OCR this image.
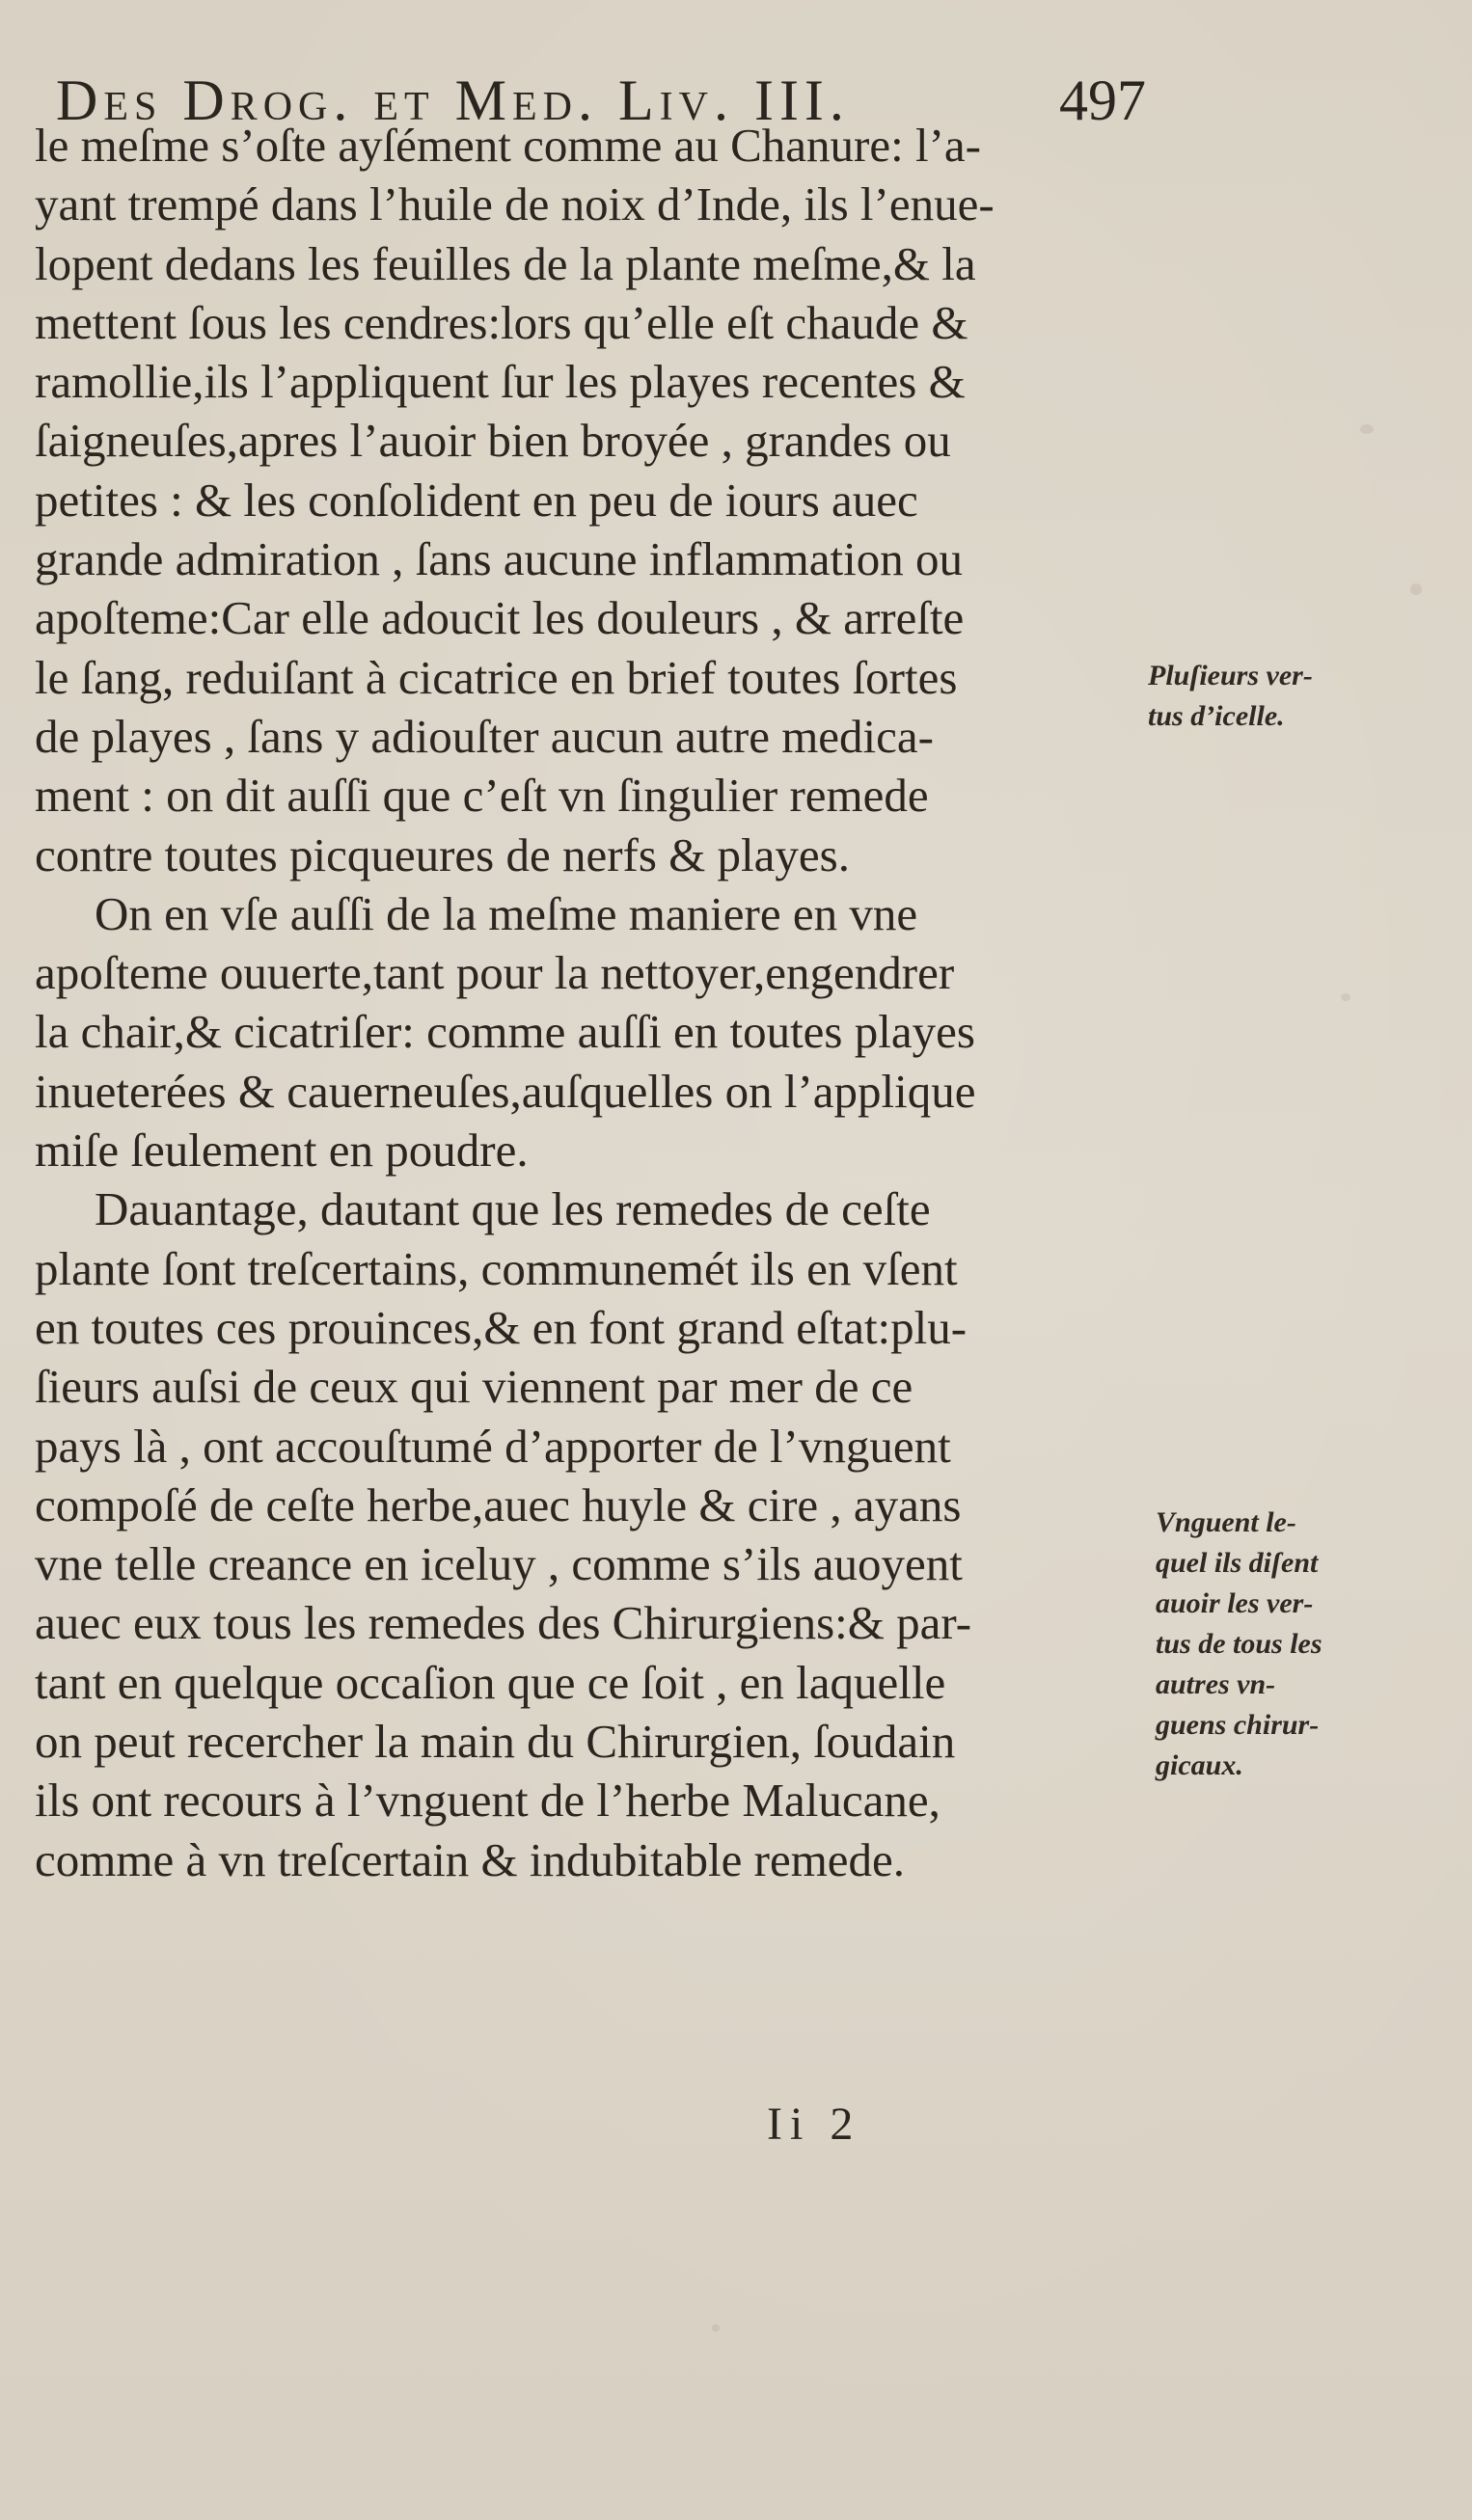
Des Drog. et Med. Liv. III.	497
le meſme s’oſte ayſément comme au Chanure: l’a-
yant trempé dans l’huile de noix d’Inde, ils l’enue-
lopent dedans les feuilles de la plante meſme,& la
mettent ſous les cendres:lors qu’elle eſt chaude &
ramollie,ils l’appliquent ſur les playes recentes &
ſaigneuſes,apres l’auoir bien broyée , grandes ou
petites : & les conſolident en peu de iours auec
grande admiration , ſans aucune inflammation ou
apoſteme:Car elle adoucit les douleurs , & arreſte
le ſang, reduiſant à cicatrice en brief toutes ſortes
de playes , ſans y adiouſter aucun autre medica-
ment : on dit auſſi que c’eſt vn ſingulier remede
contre toutes picqueures de nerfs & playes.
On en vſe auſſi de la meſme maniere en vne
apoſteme ouuerte,tant pour la nettoyer,engendrer
la chair,& cicatriſer: comme auſſi en toutes playes
inueterées & cauerneuſes,auſquelles on l’applique
miſe ſeulement en poudre.
Dauantage, dautant que les remedes de ceſte
plante ſont treſcertains, communemét ils en vſent
en toutes ces prouinces,& en font grand eſtat:plu-
ſieurs auſsi de ceux qui viennent par mer de ce
pays là , ont accouſtumé d’apporter de l’vnguent
compoſé de ceſte herbe,auec huyle & cire , ayans
vne telle creance en iceluy , comme s’ils auoyent
auec eux tous les remedes des Chirurgiens:& par-
tant en quelque occaſion que ce ſoit , en laquelle
on peut recercher la main du Chirurgien, ſoudain
ils ont recours à l’vnguent de l’herbe Malucane,
comme à vn treſcertain & indubitable remede.
Pluſieurs ver-
tus d’icelle.
Vnguent le-
quel ils diſent
auoir les ver-
tus de tous les
autres vn-
guens chirur-
gicaux.
Ii 2
